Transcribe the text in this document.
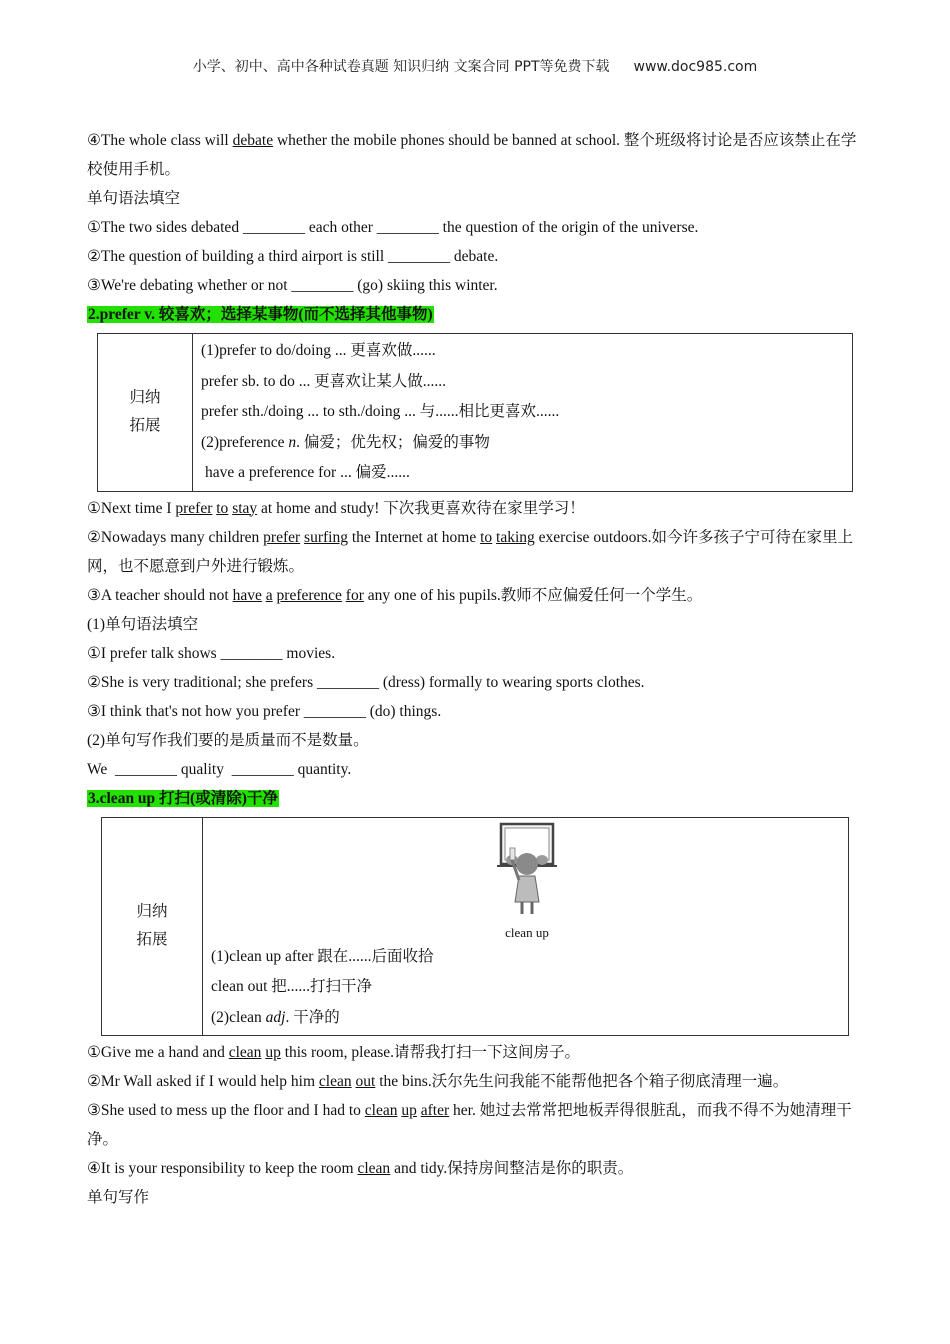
小学、初中、高中各种试卷真题 知识归纳 文案合同 PPT等免费下载 www.doc985.com
④The whole class will debate whether the mobile phones should be banned at school. 整个班级将讨论是否应该禁止在学校使用手机。
单句语法填空
①The two sides debated ________ each other ________ the question of the origin of the universe.
②The question of building a third airport is still ________ debate.
③We're debating whether or not ________ (go) skiing this winter.
2.prefer v. 较喜欢；选择某事物(而不选择其他事物)
归纳
拓展

(1)prefer to do/doing ... 更喜欢做......
prefer sb. to do ... 更喜欢让某人做......
prefer sth./doing ... to sth./doing ... 与......相比更喜欢......
(2)preference n. 偏爱；优先权；偏爱的事物
have a preference for ... 偏爱......
①Next time I prefer to stay at home and study! 下次我更喜欢待在家里学习！
②Nowadays many children prefer surfing the Internet at home to taking exercise outdoors.如今许多孩子宁可待在家里上网，也不愿意到户外进行锻炼。
③A teacher should not have a preference for any one of his pupils.教师不应偏爱任何一个学生。
(1)单句语法填空
①I prefer talk shows ________ movies.
②She is very traditional; she prefers ________ (dress) formally to wearing sports clothes.
③I think that's not how you prefer ________ (do) things.
(2)单句写作我们要的是质量而不是数量。
We  ________ quality  ________ quantity.
3.clean up 打扫(或清除)干净
归纳
拓展	clean up
(1)clean up after 跟在......后面收拾
clean out 把......打扫干净
(2)clean adj. 干净的
①Give me a hand and clean up this room, please.请帮我打扫一下这间房子。
②Mr Wall asked if I would help him clean out the bins.沃尔先生问我能不能帮他把各个箱子彻底清理一遍。
③She used to mess up the floor and I had to clean up after her. 她过去常常把地板弄得很脏乱，而我不得不为她清理干净。
④It is your responsibility to keep the room clean and tidy.保持房间整洁是你的职责。
单句写作
